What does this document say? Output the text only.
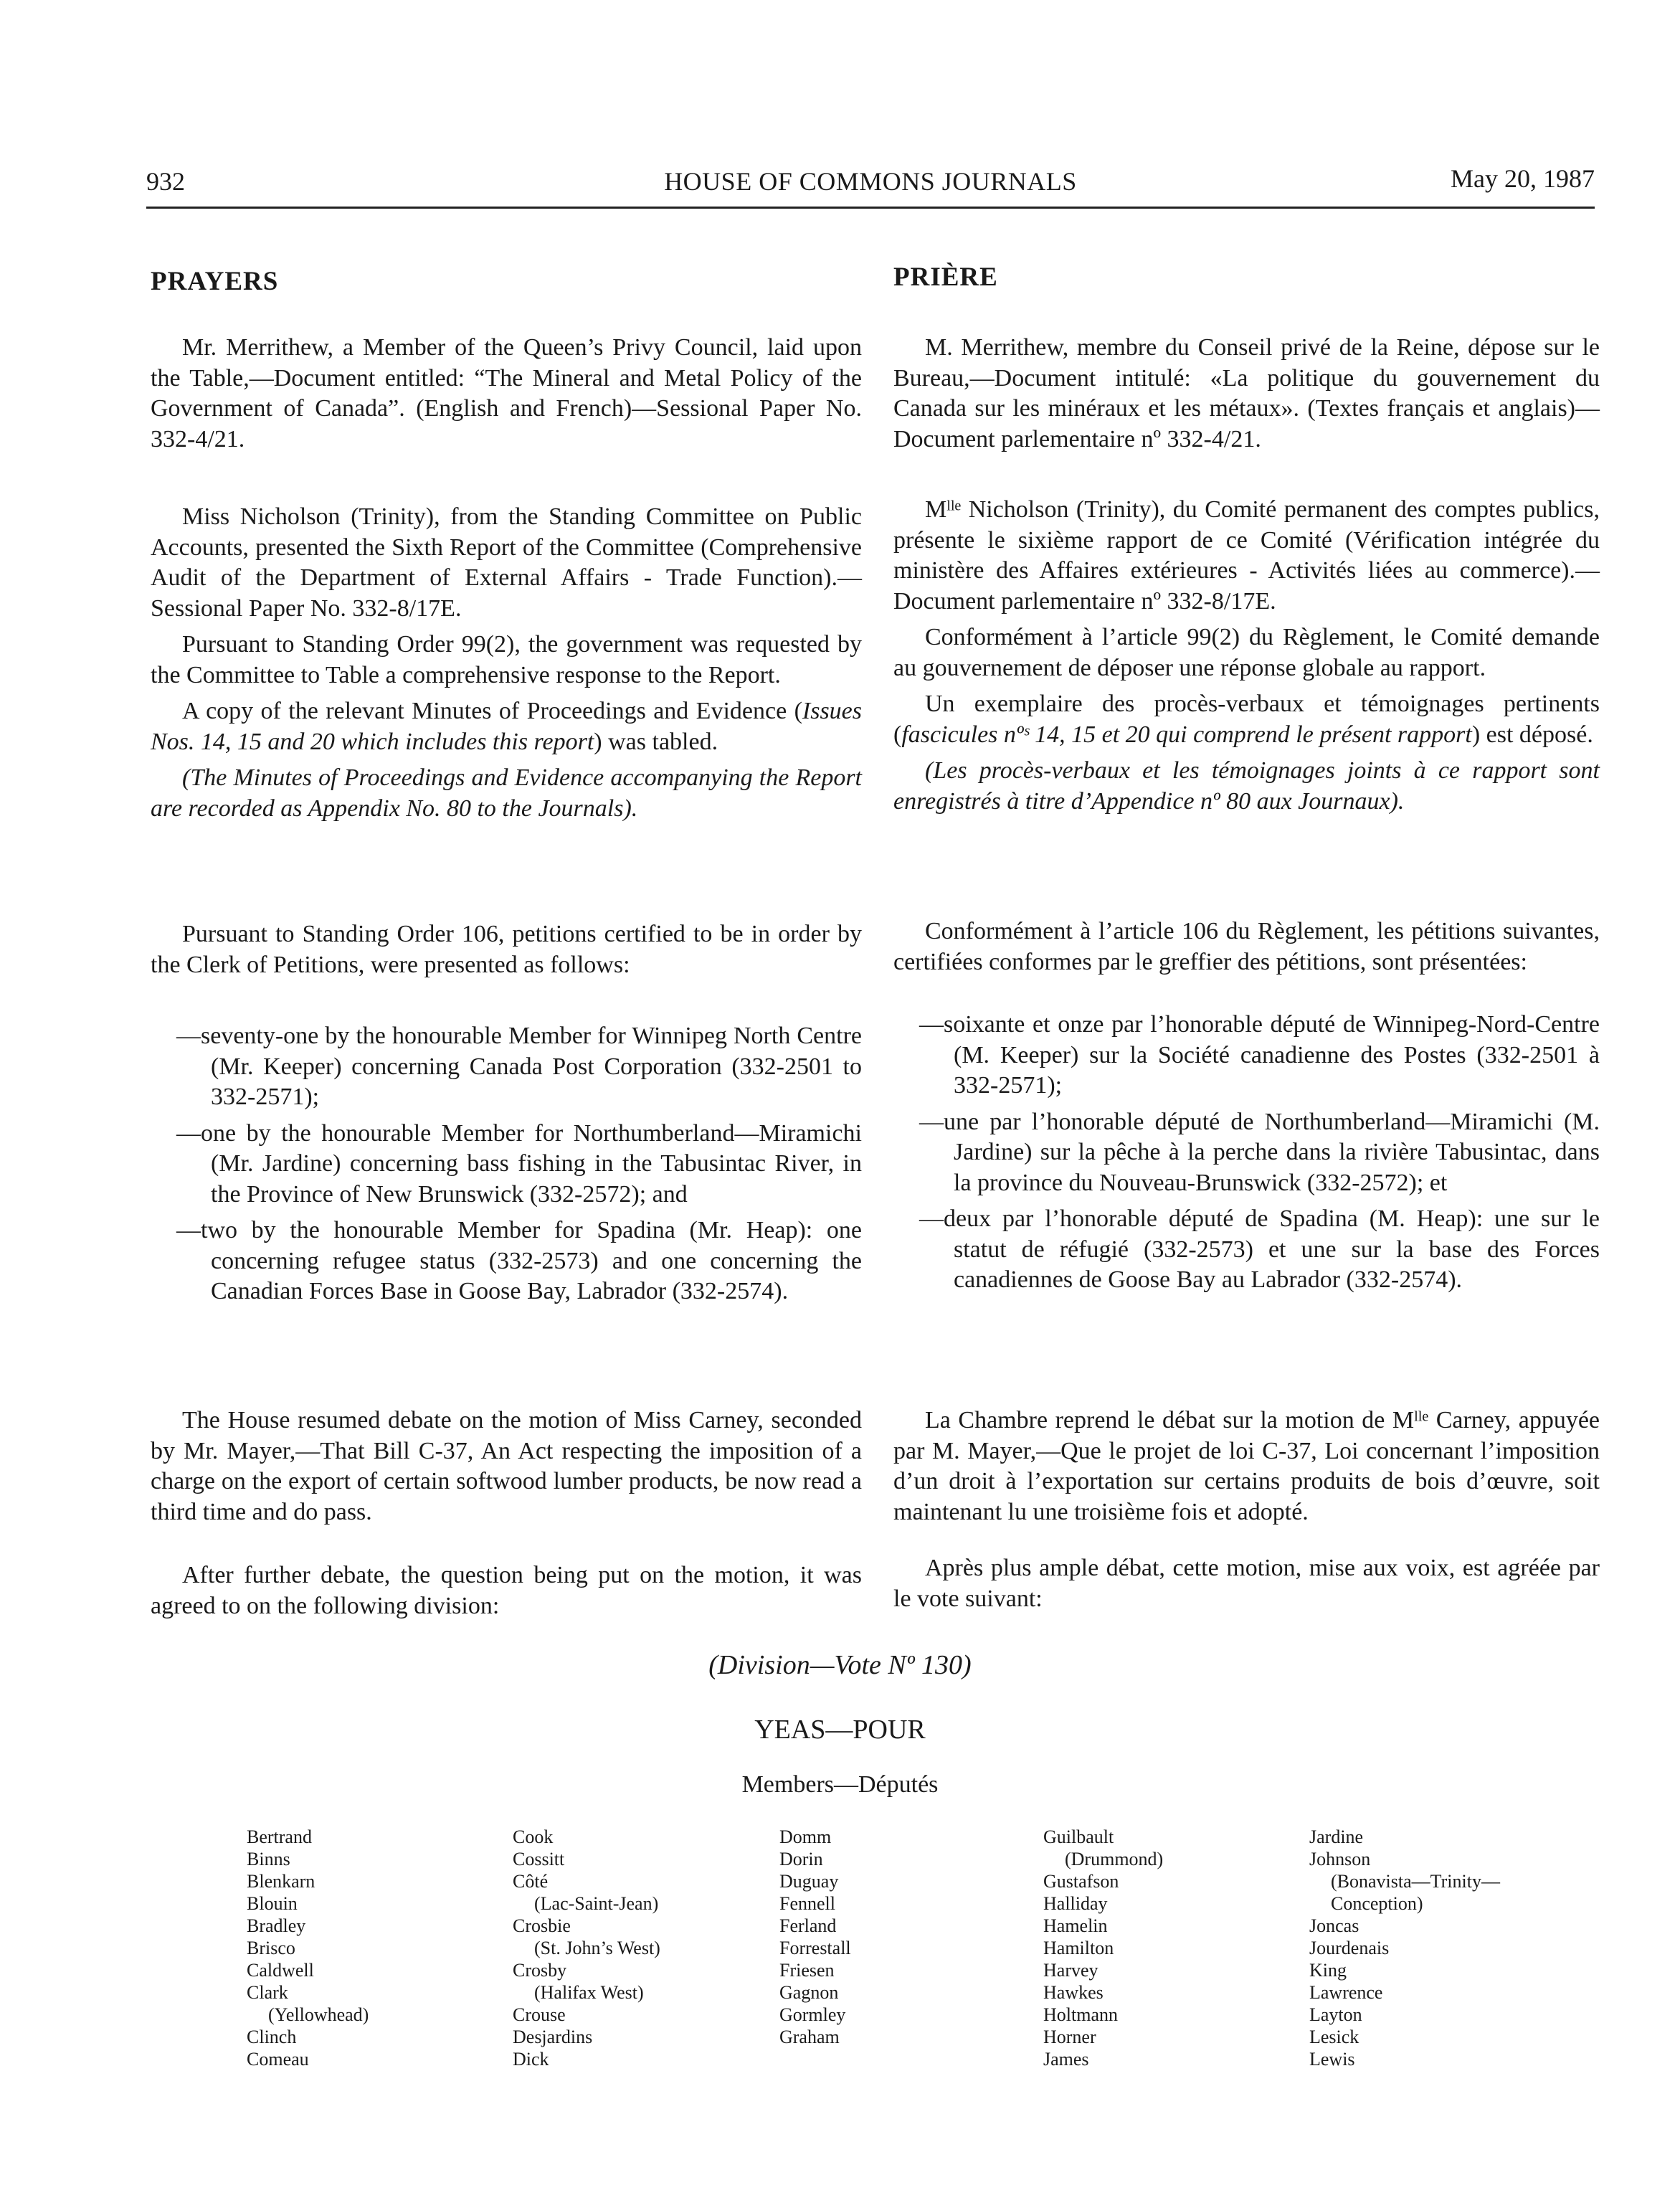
932	HOUSE OF COMMONS JOURNALS	May 20, 1987
PRAYERS

Mr. Merrithew, a Member of the Queen’s Privy Council, laid upon the Table,—Document entitled: “The Mineral and Metal Policy of the Government of Canada”. (English and French)—Sessional Paper No. 332-4/21.

Miss Nicholson (Trinity), from the Standing Committee on Public Accounts, presented the Sixth Report of the Committee (Comprehensive Audit of the Department of External Affairs - Trade Function).—Sessional Paper No. 332-8/17E.

Pursuant to Standing Order 99(2), the government was requested by the Committee to Table a comprehensive response to the Report.

A copy of the relevant Minutes of Proceedings and Evidence (Issues Nos. 14, 15 and 20 which includes this report) was tabled.

(The Minutes of Proceedings and Evidence accompanying the Report are recorded as Appendix No. 80 to the Journals).

Pursuant to Standing Order 106, petitions certified to be in order by the Clerk of Petitions, were presented as follows:

—seventy-one by the honourable Member for Winnipeg North Centre (Mr. Keeper) concerning Canada Post Corporation (332-2501 to 332-2571);

—one by the honourable Member for Northumberland—Miramichi (Mr. Jardine) concerning bass fishing in the Tabusintac River, in the Province of New Brunswick (332-2572); and

—two by the honourable Member for Spadina (Mr. Heap): one concerning refugee status (332-2573) and one concerning the Canadian Forces Base in Goose Bay, Labrador (332-2574).

The House resumed debate on the motion of Miss Carney, seconded by Mr. Mayer,—That Bill C-37, An Act respecting the imposition of a charge on the export of certain softwood lumber products, be now read a third time and do pass.

After further debate, the question being put on the motion, it was agreed to on the following division:

PRIÈRE

M. Merrithew, membre du Conseil privé de la Reine, dépose sur le Bureau,—Document intitulé: «La politique du gouvernement du Canada sur les minéraux et les métaux». (Textes français et anglais)—Document parlementaire nº 332-4/21.

Mˡˡᵉ Nicholson (Trinity), du Comité permanent des comptes publics, présente le sixième rapport de ce Comité (Vérification intégrée du ministère des Affaires extérieures - Activités liées au commerce).—Document parlementaire nº 332-8/17E.

Conformément à l’article 99(2) du Règlement, le Comité demande au gouvernement de déposer une réponse globale au rapport.

Un exemplaire des procès-verbaux et témoignages pertinents (fascicules nºˢ 14, 15 et 20 qui comprend le présent rapport) est déposé.

(Les procès-verbaux et les témoignages joints à ce rapport sont enregistrés à titre d’Appendice nº 80 aux Journaux).

Conformément à l’article 106 du Règlement, les pétitions suivantes, certifiées conformes par le greffier des pétitions, sont présentées:

—soixante et onze par l’honorable député de Winnipeg-Nord-Centre (M. Keeper) sur la Société canadienne des Postes (332-2501 à 332-2571);

—une par l’honorable député de Northumberland—Miramichi (M. Jardine) sur la pêche à la perche dans la rivière Tabusintac, dans la province du Nouveau-Brunswick (332-2572); et

—deux par l’honorable député de Spadina (M. Heap): une sur le statut de réfugié (332-2573) et une sur la base des Forces canadiennes de Goose Bay au Labrador (332-2574).

La Chambre reprend le débat sur la motion de Mˡˡᵉ Carney, appuyée par M. Mayer,—Que le projet de loi C-37, Loi concernant l’imposition d’un droit à l’exportation sur certains produits de bois d’œuvre, soit maintenant lu une troisième fois et adopté.

Après plus ample débat, cette motion, mise aux voix, est agréée par le vote suivant:

(Division—Vote Nº 130)
YEAS—POUR
Members—Députés
Bertrand
Binns
Blenkarn
Blouin
Bradley
Brisco
Caldwell
Clark
(Yellowhead)
Clinch
Comeau
Cook
Cossitt
Côté
(Lac-Saint-Jean)
Crosbie
(St. John’s West)
Crosby
(Halifax West)
Crouse
Desjardins
Dick
Domm
Dorin
Duguay
Fennell
Ferland
Forrestall
Friesen
Gagnon
Gormley
Graham
Guilbault
(Drummond)
Gustafson
Halliday
Hamelin
Hamilton
Harvey
Hawkes
Holtmann
Horner
James
Jardine
Johnson
(Bonavista—Trinity—
Conception)
Joncas
Jourdenais
King
Lawrence
Layton
Lesick
Lewis
